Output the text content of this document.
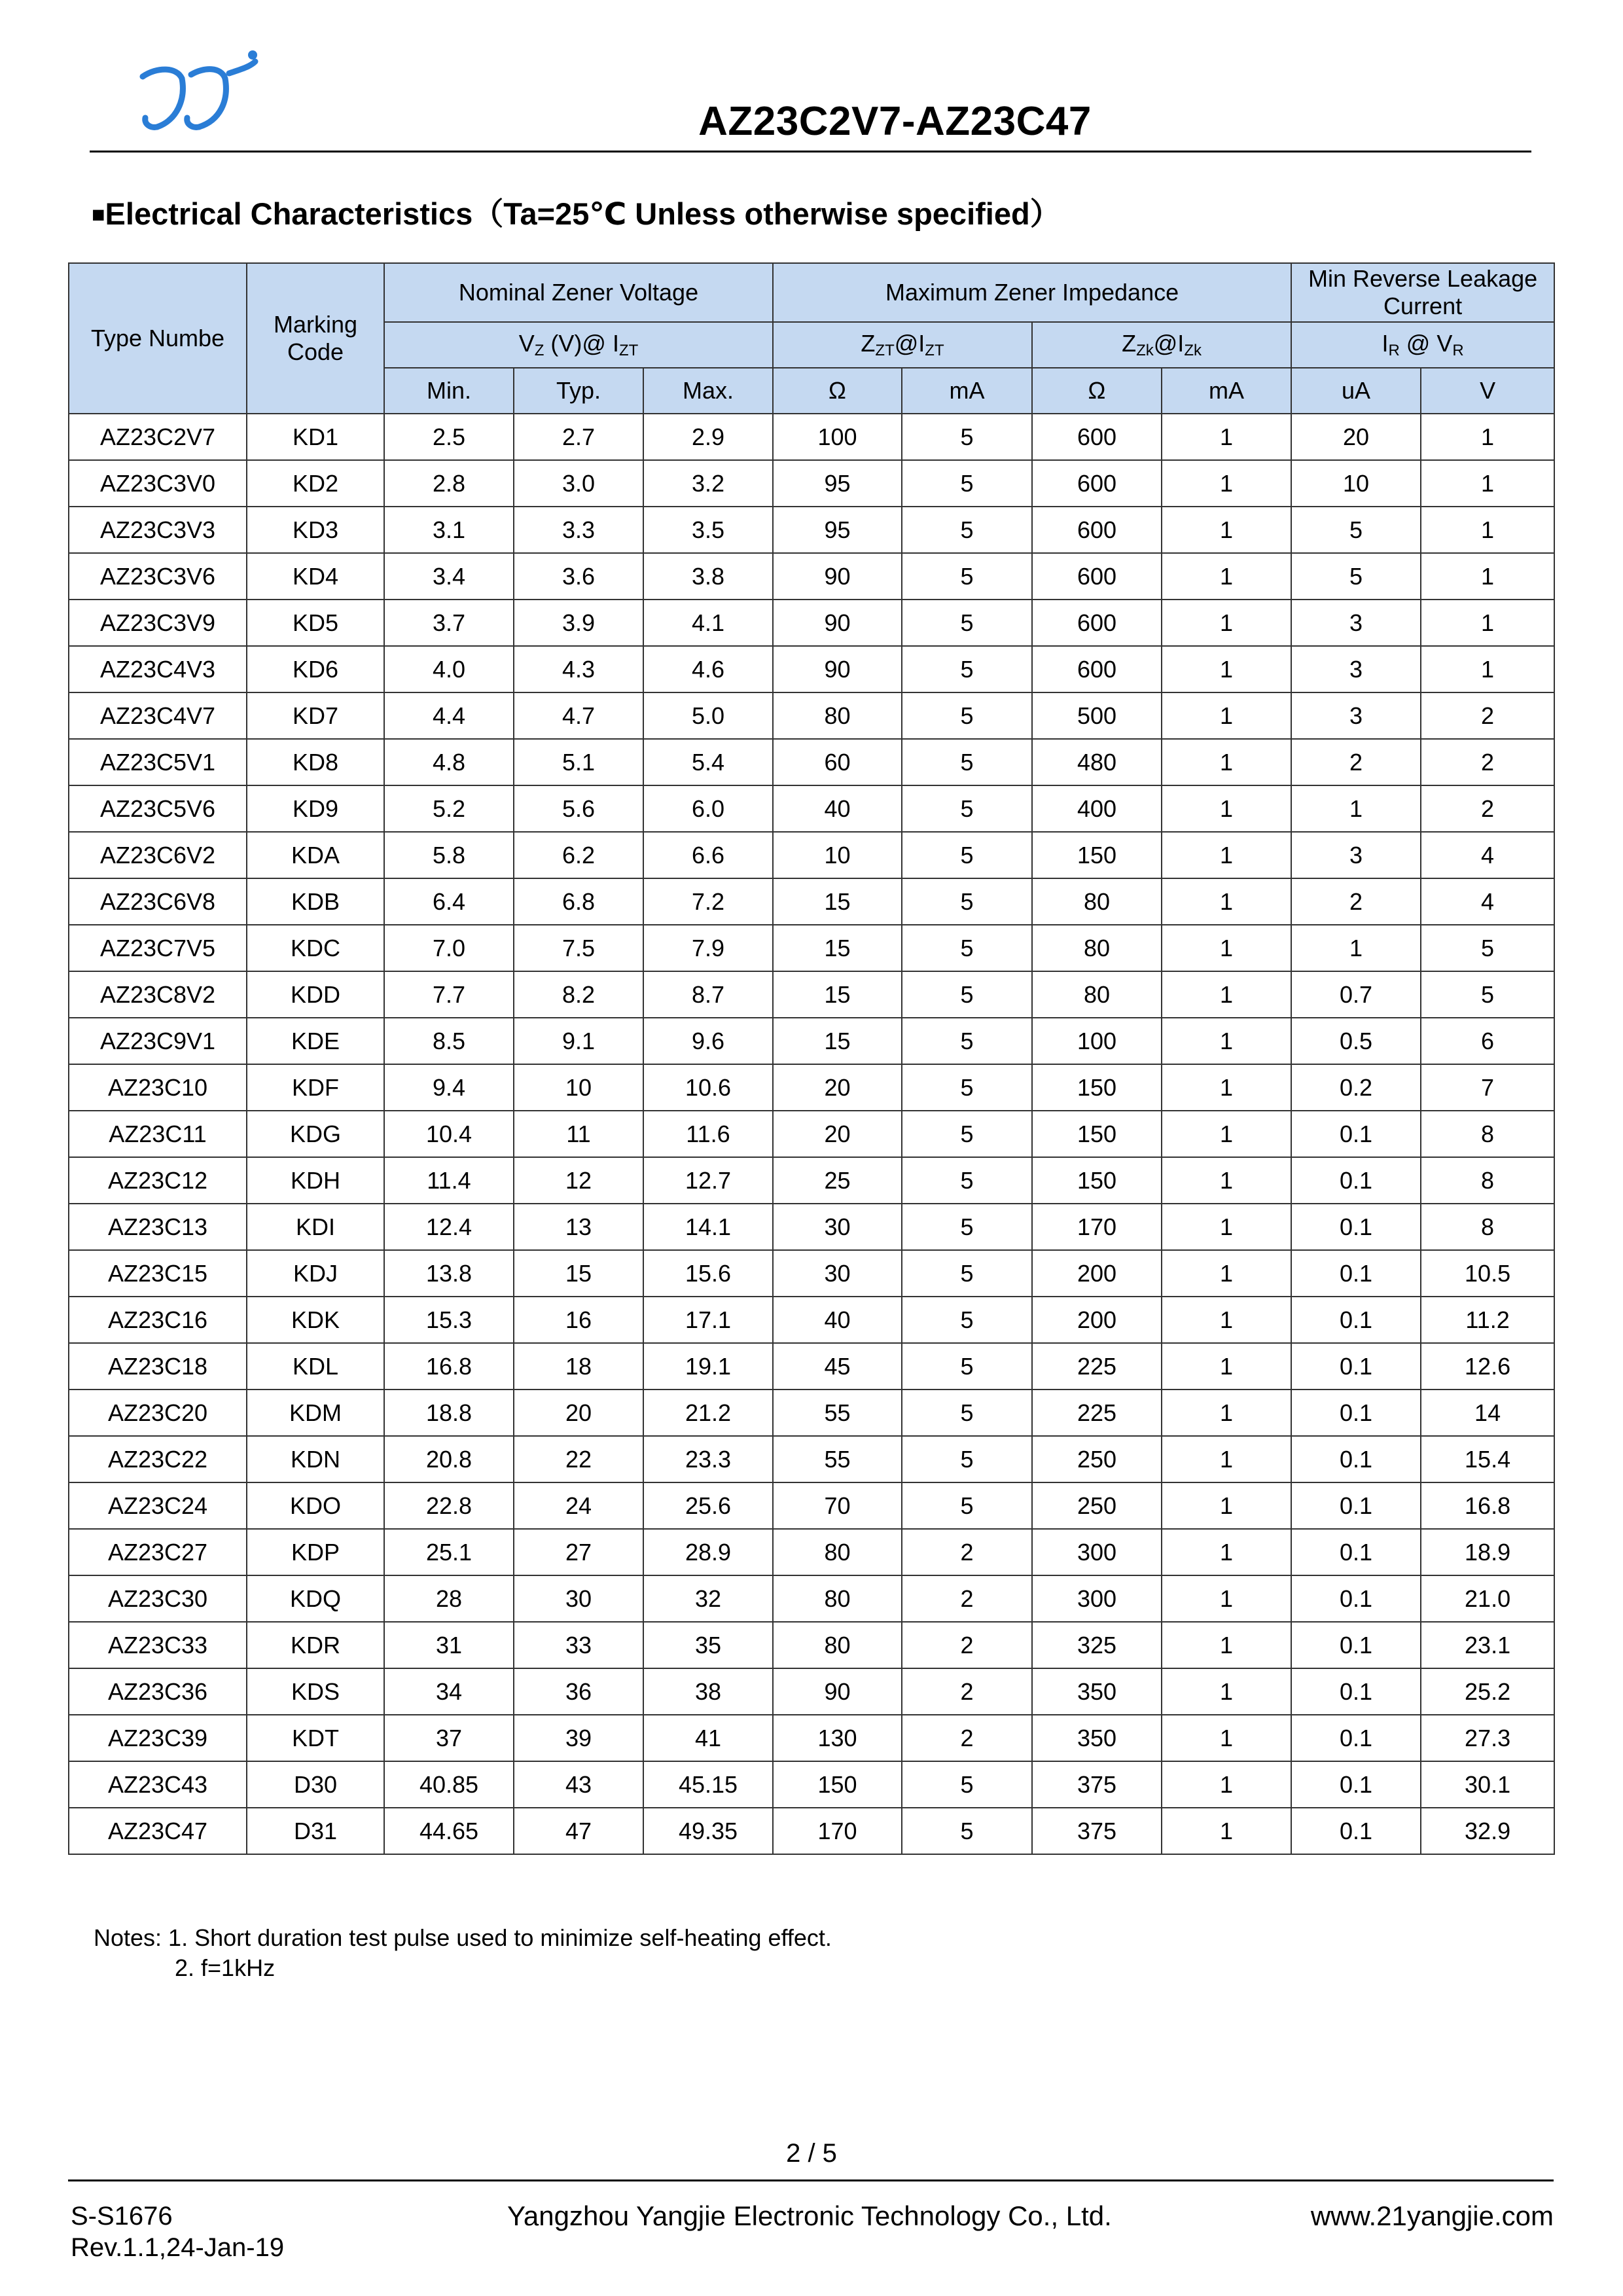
AZ23C2V7-AZ23C47
■Electrical Characteristics（Ta=25℃ Unless otherwise specified）
Type Numbe	Marking Code	Nominal Zener Voltage			Maximum Zener Impedance				Min Reverse Leakage Current	
		$V_Z$ (V)@ $I_{ZT}$			$Z_{ZT}@I_{ZT}$		$Z_{Zk}@I_{Zk}$		$I_R$ @ $V_R$
		Min.	Typ.	Max.	Ω	mA	Ω	mA	uA	V
AZ23C2V7	KD1	2.5	2.7	2.9	100	5	600	1	20	1
AZ23C3V0	KD2	2.8	3.0	3.2	95	5	600	1	10	1
AZ23C3V3	KD3	3.1	3.3	3.5	95	5	600	1	5	1
AZ23C3V6	KD4	3.4	3.6	3.8	90	5	600	1	5	1
AZ23C3V9	KD5	3.7	3.9	4.1	90	5	600	1	3	1
AZ23C4V3	KD6	4.0	4.3	4.6	90	5	600	1	3	1
AZ23C4V7	KD7	4.4	4.7	5.0	80	5	500	1	3	2
AZ23C5V1	KD8	4.8	5.1	5.4	60	5	480	1	2	2
AZ23C5V6	KD9	5.2	5.6	6.0	40	5	400	1	1	2
AZ23C6V2	KDA	5.8	6.2	6.6	10	5	150	1	3	4
AZ23C6V8	KDB	6.4	6.8	7.2	15	5	80	1	2	4
AZ23C7V5	KDC	7.0	7.5	7.9	15	5	80	1	1	5
AZ23C8V2	KDD	7.7	8.2	8.7	15	5	80	1	0.7	5
AZ23C9V1	KDE	8.5	9.1	9.6	15	5	100	1	0.5	6
AZ23C10	KDF	9.4	10	10.6	20	5	150	1	0.2	7
AZ23C11	KDG	10.4	11	11.6	20	5	150	1	0.1	8
AZ23C12	KDH	11.4	12	12.7	25	5	150	1	0.1	8
AZ23C13	KDI	12.4	13	14.1	30	5	170	1	0.1	8
AZ23C15	KDJ	13.8	15	15.6	30	5	200	1	0.1	10.5
AZ23C16	KDK	15.3	16	17.1	40	5	200	1	0.1	11.2
AZ23C18	KDL	16.8	18	19.1	45	5	225	1	0.1	12.6
AZ23C20	KDM	18.8	20	21.2	55	5	225	1	0.1	14
AZ23C22	KDN	20.8	22	23.3	55	5	250	1	0.1	15.4
AZ23C24	KDO	22.8	24	25.6	70	5	250	1	0.1	16.8
AZ23C27	KDP	25.1	27	28.9	80	2	300	1	0.1	18.9
AZ23C30	KDQ	28	30	32	80	2	300	1	0.1	21.0
AZ23C33	KDR	31	33	35	80	2	325	1	0.1	23.1
AZ23C36	KDS	34	36	38	90	2	350	1	0.1	25.2
AZ23C39	KDT	37	39	41	130	2	350	1	0.1	27.3
AZ23C43	D30	40.85	43	45.15	150	5	375	1	0.1	30.1
AZ23C47	D31	44.65	47	49.35	170	5	375	1	0.1	32.9
Notes: 1. Short duration test pulse used to minimize self-heating effect.
2. f=1kHz
2 / 5
S-S1676
Rev.1.1,24-Jan-19
Yangzhou Yangjie Electronic Technology Co., Ltd.	www.21yangjie.com
